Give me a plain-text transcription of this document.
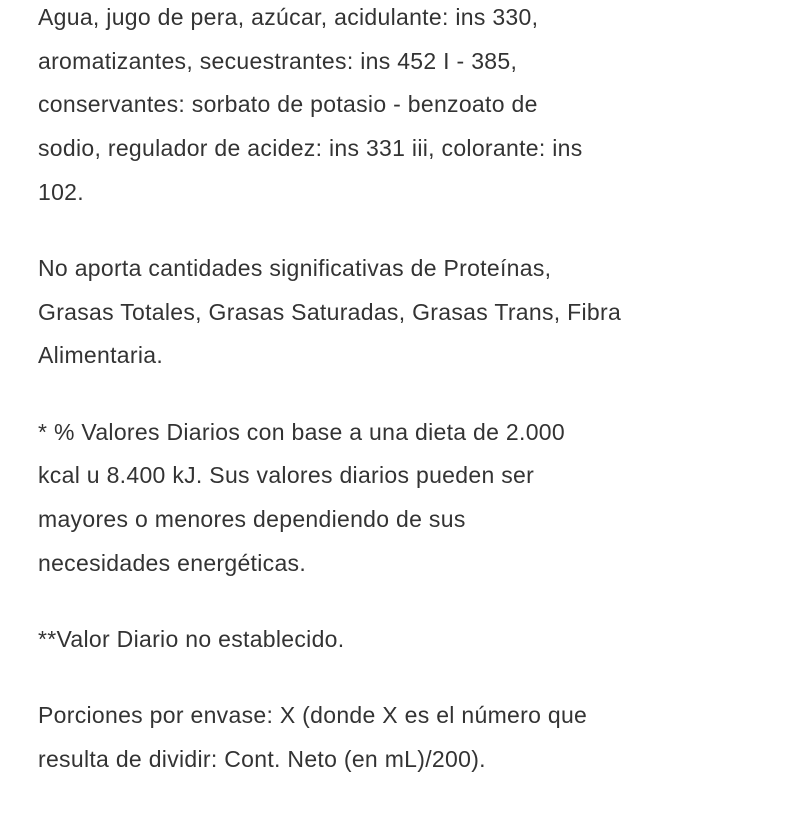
Agua, jugo de pera, azúcar, acidulante: ins 330,
aromatizantes, secuestrantes: ins 452 I - 385,
conservantes: sorbato de potasio - benzoato de
sodio, regulador de acidez: ins 331 iii, colorante: ins
102.

No aporta cantidades significativas de Proteínas,
Grasas Totales, Grasas Saturadas, Grasas Trans, Fibra
Alimentaria.

* % Valores Diarios con base a una dieta de 2.000
kcal u 8.400 kJ. Sus valores diarios pueden ser
mayores o menores dependiendo de sus
necesidades energéticas.

**Valor Diario no establecido.

Porciones por envase: X (donde X es el número que
resulta de dividir: Cont. Neto (en mL)/200).
